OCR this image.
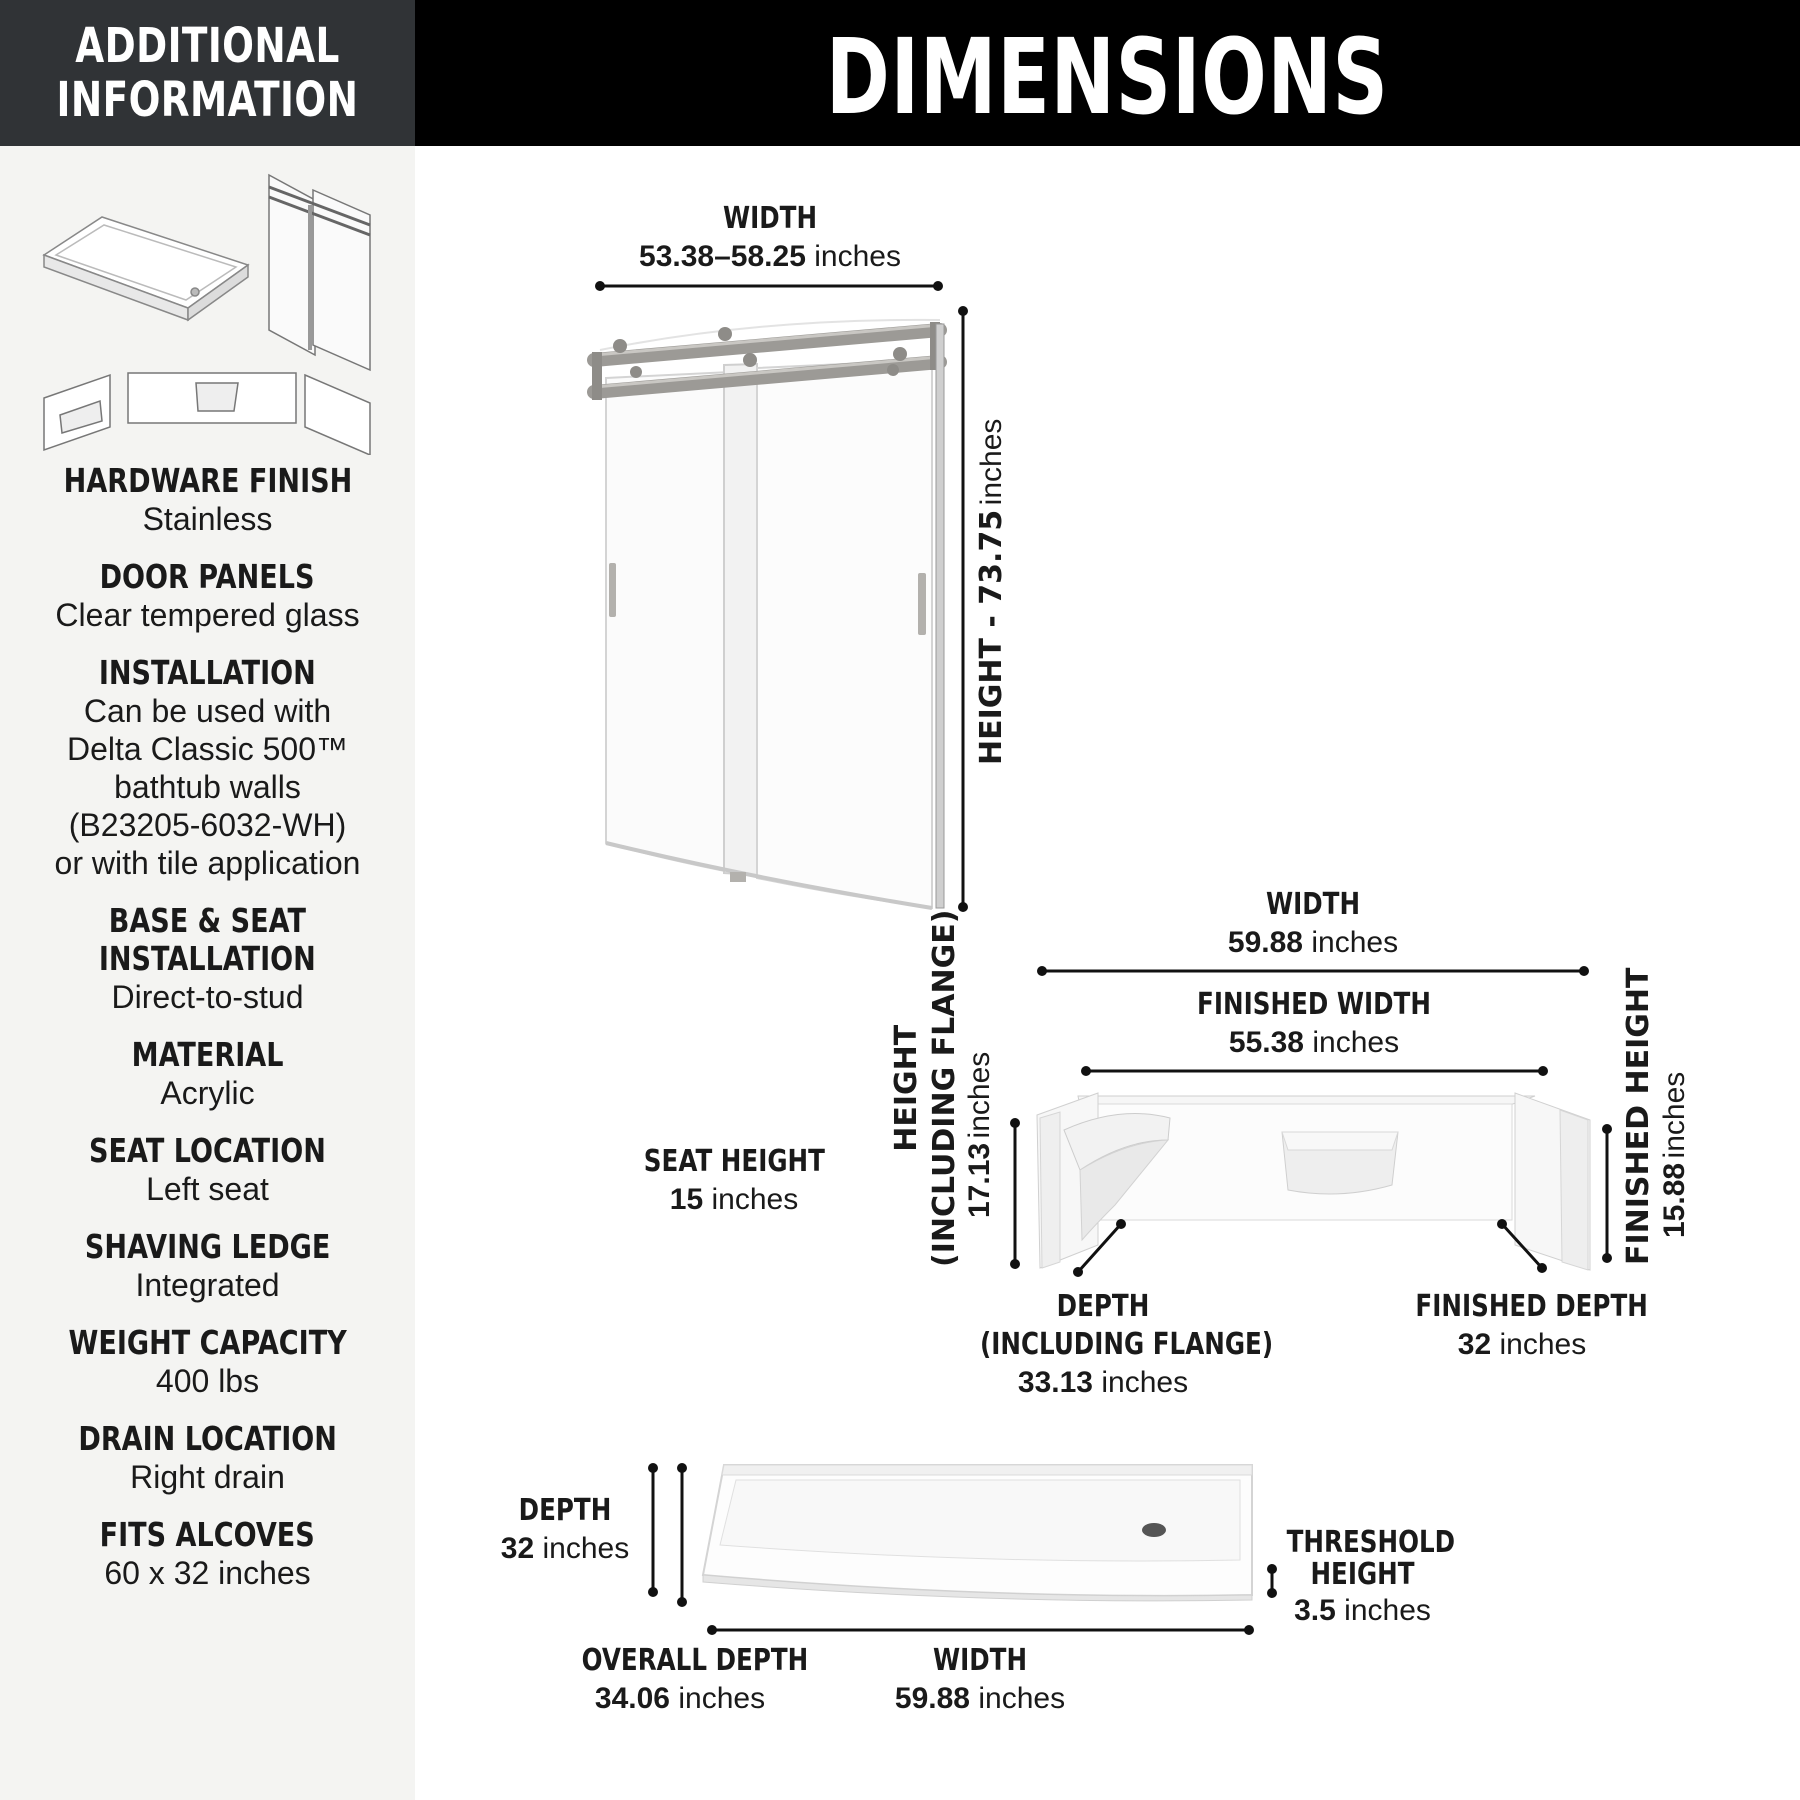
ADDITIONAL
INFORMATION
HARDWARE FINISH
Stainless
DOOR PANELS
Clear tempered glass
INSTALLATION
Can be used with
Delta Classic 500™
bathtub walls
(B23205-6032-WH)
or with tile application
BASE & SEAT
INSTALLATION
Direct-to-stud
MATERIAL
Acrylic
SEAT LOCATION
Left seat
SHAVING LEDGE
Integrated
WEIGHT CAPACITY
400 lbs
DRAIN LOCATION
Right drain
FITS ALCOVES
60 x 32 inches
DIMENSIONS
WIDTH
53.38–58.25 inches
HEIGHT - 73.75 inches
WIDTH
59.88 inches
FINISHED WIDTH
55.38 inches
SEAT HEIGHT
15 inches
HEIGHT (INCLUDING FLANGE) 17.13 inches	FINISHED HEIGHT 15.88 inches
DEPTH
(INCLUDING FLANGE)
33.13 inches
FINISHED DEPTH
32 inches
DEPTH
32 inches	THRESHOLD
HEIGHT
3.5 inches
OVERALL DEPTH
34.06 inches
WIDTH
59.88 inches
